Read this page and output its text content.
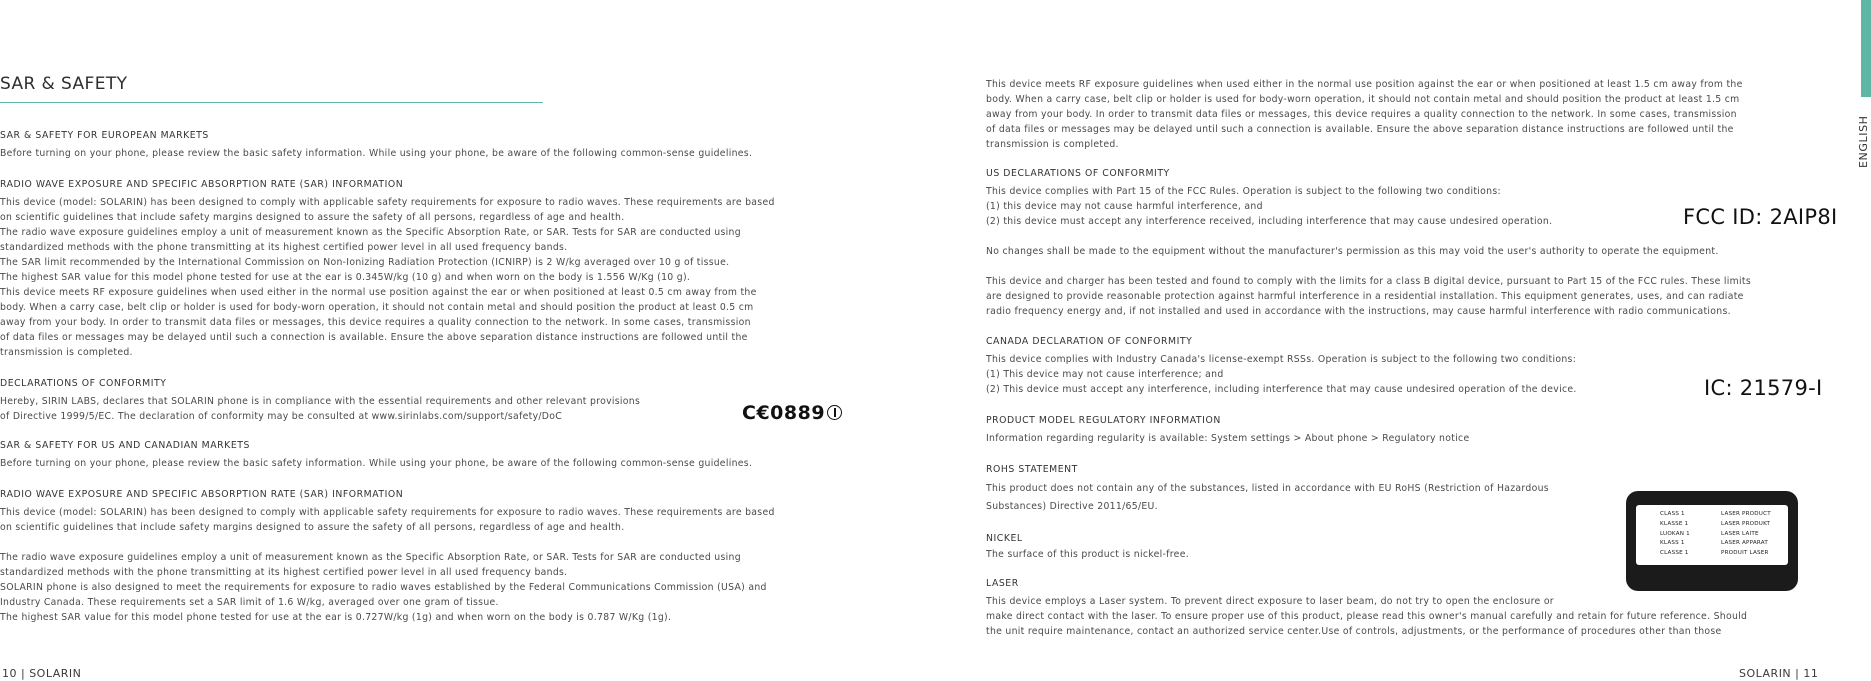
SAR & SAFETY
SAR & SAFETY FOR EUROPEAN MARKETS
Before turning on your phone, please review the basic safety information. While using your phone, be aware of the following common-sense guidelines.
RADIO WAVE EXPOSURE AND SPECIFIC ABSORPTION RATE (SAR) INFORMATION
This device (model: SOLARIN) has been designed to comply with applicable safety requirements for exposure to radio waves. These requirements are based
on scientific guidelines that include safety margins designed to assure the safety of all persons, regardless of age and health.
The radio wave exposure guidelines employ a unit of measurement known as the Specific Absorption Rate, or SAR. Tests for SAR are conducted using
standardized methods with the phone transmitting at its highest certified power level in all used frequency bands.
The SAR limit recommended by the International Commission on Non-Ionizing Radiation Protection (ICNIRP) is 2 W/kg averaged over 10 g of tissue.
The highest SAR value for this model phone tested for use at the ear is 0.345W/kg (10 g) and when worn on the body is 1.556 W/Kg (10 g).
This device meets RF exposure guidelines when used either in the normal use position against the ear or when positioned at least 0.5 cm away from the
body. When a carry case, belt clip or holder is used for body-worn operation, it should not contain metal and should position the product at least 0.5 cm
away from your body. In order to transmit data files or messages, this device requires a quality connection to the network. In some cases, transmission
of data files or messages may be delayed until such a connection is available. Ensure the above separation distance instructions are followed until the
transmission is completed.
DECLARATIONS OF CONFORMITY
Hereby, SIRIN LABS, declares that SOLARIN phone is in compliance with the essential requirements and other relevant provisions
of Directive 1999/5/EC. The declaration of conformity may be consulted at www.sirinlabs.com/support/safety/DoC	C€0889
SAR & SAFETY FOR US AND CANADIAN MARKETS
Before turning on your phone, please review the basic safety information. While using your phone, be aware of the following common-sense guidelines.
RADIO WAVE EXPOSURE AND SPECIFIC ABSORPTION RATE (SAR) INFORMATION
This device (model: SOLARIN) has been designed to comply with applicable safety requirements for exposure to radio waves. These requirements are based
on scientific guidelines that include safety margins designed to assure the safety of all persons, regardless of age and health.
The radio wave exposure guidelines employ a unit of measurement known as the Specific Absorption Rate, or SAR. Tests for SAR are conducted using
standardized methods with the phone transmitting at its highest certified power level in all used frequency bands.
SOLARIN phone is also designed to meet the requirements for exposure to radio waves established by the Federal Communications Commission (USA) and
Industry Canada. These requirements set a SAR limit of 1.6 W/kg, averaged over one gram of tissue.
The highest SAR value for this model phone tested for use at the ear is 0.727W/kg (1g) and when worn on the body is 0.787 W/Kg (1g).
10 | SOLARIN
This device meets RF exposure guidelines when used either in the normal use position against the ear or when positioned at least 1.5 cm away from the
body. When a carry case, belt clip or holder is used for body-worn operation, it should not contain metal and should position the product at least 1.5 cm
away from your body. In order to transmit data files or messages, this device requires a quality connection to the network. In some cases, transmission
of data files or messages may be delayed until such a connection is available. Ensure the above separation distance instructions are followed until the
transmission is completed.
US DECLARATIONS OF CONFORMITY
This device complies with Part 15 of the FCC Rules. Operation is subject to the following two conditions:
(1) this device may not cause harmful interference, and
(2) this device must accept any interference received, including interference that may cause undesired operation.
No changes shall be made to the equipment without the manufacturer's permission as this may void the user's authority to operate the equipment.
This device and charger has been tested and found to comply with the limits for a class B digital device, pursuant to Part 15 of the FCC rules. These limits
are designed to provide reasonable protection against harmful interference in a residential installation. This equipment generates, uses, and can radiate
radio frequency energy and, if not installed and used in accordance with the instructions, may cause harmful interference with radio communications.
FCC ID: 2AIP8I
CANADA DECLARATION OF CONFORMITY
This device complies with Industry Canada's license-exempt RSSs. Operation is subject to the following two conditions:
(1) This device may not cause interference; and
(2) This device must accept any interference, including interference that may cause undesired operation of the device.	IC: 21579-I
PRODUCT MODEL REGULATORY INFORMATION
Information regarding regularity is available: System settings > About phone > Regulatory notice
ROHS STATEMENT
This product does not contain any of the substances, listed in accordance with EU RoHS (Restriction of Hazardous
Substances) Directive 2011/65/EU.
NICKEL
The surface of this product is nickel-free.
LASER
This device employs a Laser system. To prevent direct exposure to laser beam, do not try to open the enclosure or
make direct contact with the laser. To ensure proper use of this product, please read this owner's manual carefully and retain for future reference. Should
the unit require maintenance, contact an authorized service center.Use of controls, adjustments, or the performance of procedures other than those
CLASS 1
KLASSE 1
LUOKAN 1
KLASS 1
CLASSE 1
LASER PRODUCT
LASER PRODUKT
LASER LAITE
LASER APPARAT
PRODUIT LASER
SOLARIN | 11
ENGLISH
